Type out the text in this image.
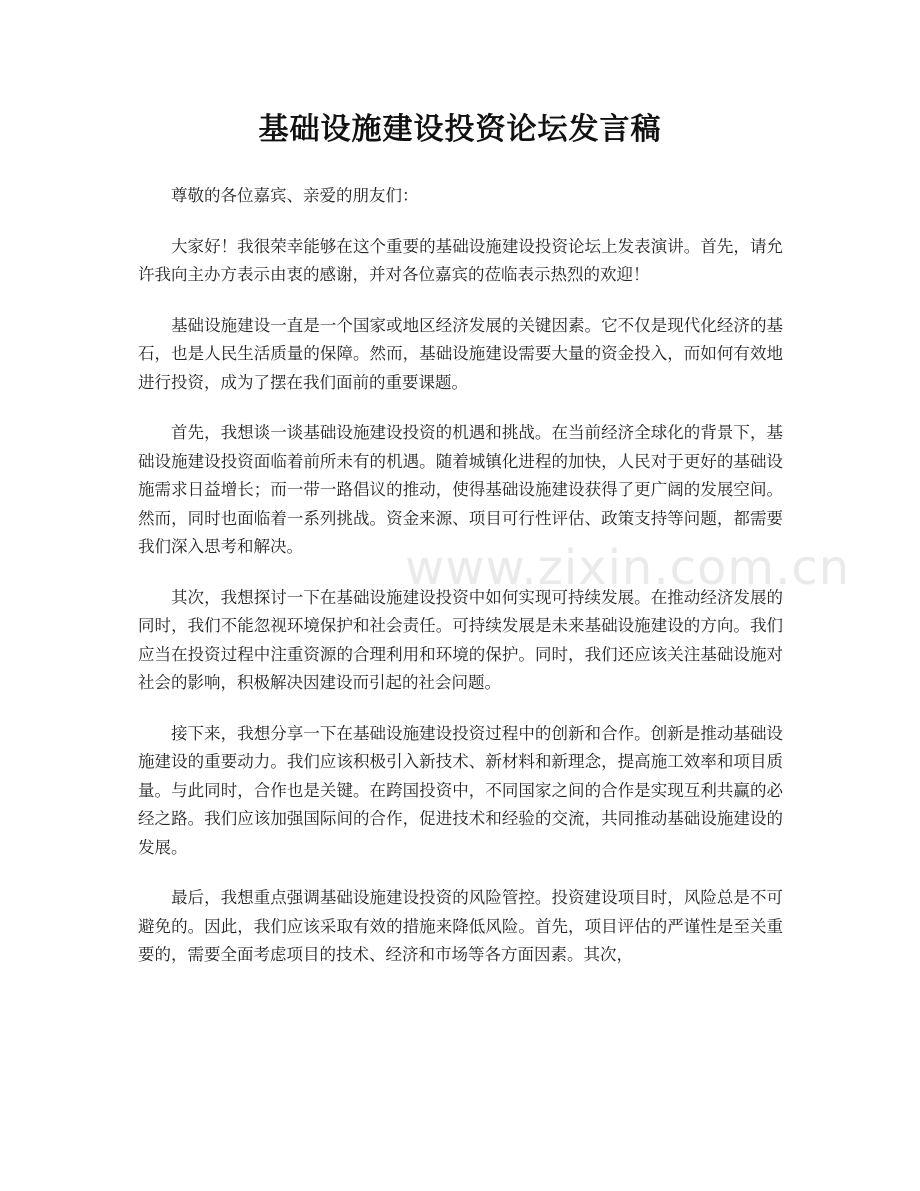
基础设施建设投资论坛发言稿

尊敬的各位嘉宾、亲爱的朋友们：

大家好！我很荣幸能够在这个重要的基础设施建设投资论坛上发表演讲。首先，请允许我向主办方表示由衷的感谢，并对各位嘉宾的莅临表示热烈的欢迎！

基础设施建设一直是一个国家或地区经济发展的关键因素。它不仅是现代化经济的基石，也是人民生活质量的保障。然而，基础设施建设需要大量的资金投入，而如何有效地进行投资，成为了摆在我们面前的重要课题。

首先，我想谈一谈基础设施建设投资的机遇和挑战。在当前经济全球化的背景下，基础设施建设投资面临着前所未有的机遇。随着城镇化进程的加快，人民对于更好的基础设施需求日益增长；而一带一路倡议的推动，使得基础设施建设获得了更广阔的发展空间。然而，同时也面临着一系列挑战。资金来源、项目可行性评估、政策支持等问题，都需要我们深入思考和解决。

其次，我想探讨一下在基础设施建设投资中如何实现可持续发展。在推动经济发展的同时，我们不能忽视环境保护和社会责任。可持续发展是未来基础设施建设的方向。我们应当在投资过程中注重资源的合理利用和环境的保护。同时，我们还应该关注基础设施对社会的影响，积极解决因建设而引起的社会问题。

接下来，我想分享一下在基础设施建设投资过程中的创新和合作。创新是推动基础设施建设的重要动力。我们应该积极引入新技术、新材料和新理念，提高施工效率和项目质量。与此同时，合作也是关键。在跨国投资中，不同国家之间的合作是实现互利共赢的必经之路。我们应该加强国际间的合作，促进技术和经验的交流，共同推动基础设施建设的发展。

最后，我想重点强调基础设施建设投资的风险管控。投资建设项目时，风险总是不可避免的。因此，我们应该采取有效的措施来降低风险。首先，项目评估的严谨性是至关重要的，需要全面考虑项目的技术、经济和市场等各方面因素。其次，

www.zixin.com.cn
